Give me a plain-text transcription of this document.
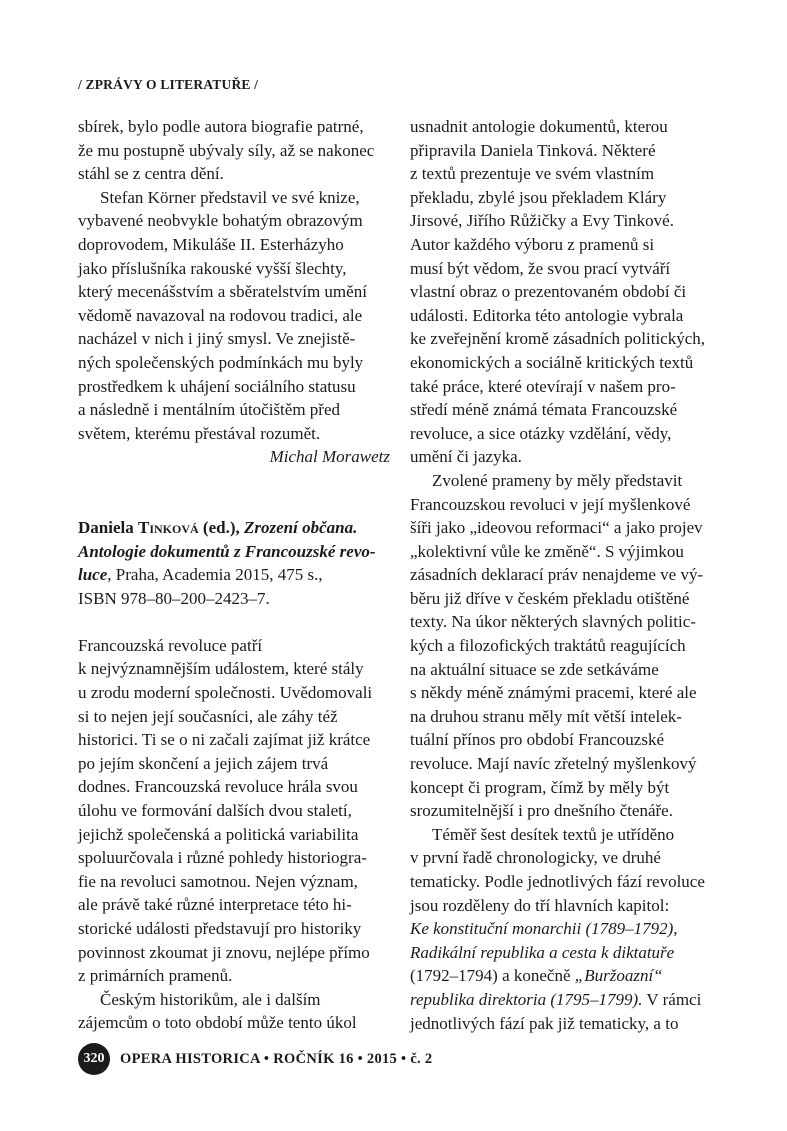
/ ZPRÁVY O LITERATUŘE /

sbírek, bylo podle autora biografie patrné,
že mu postupně ubývaly síly, až se nakonec
stáhl se z centra dění.

Stefan Körner představil ve své knize,
vybavené neobvykle bohatým obrazovým
doprovodem, Mikuláše II. Esterházyho
jako příslušníka rakouské vyšší šlechty,
který mecenášstvím a sběratelstvím umění
vědomě navazoval na rodovou tradici, ale
nacházel v nich i jiný smysl. Ve znejistě-
ných společenských podmínkách mu byly
prostředkem k uhájení sociálního statusu
a následně i mentálním útočištěm před
světem, kterému přestával rozumět.

Michal Morawetz

Daniela Tinková (ed.), Zrození občana.
Antologie dokumentů z Francouzské revo-
luce, Praha, Academia 2015, 475 s.,
ISBN 978–80–200–2423–7.

Francouzská revoluce patří
k nejvýznamnějším událostem, které stály
u zrodu moderní společnosti. Uvědomovali
si to nejen její současníci, ale záhy též
historici. Ti se o ni začali zajímat již krátce
po jejím skončení a jejich zájem trvá
dodnes. Francouzská revoluce hrála svou
úlohu ve formování dalších dvou staletí,
jejichž společenská a politická variabilita
spoluurčovala i různé pohledy historiogra-
fie na revoluci samotnou. Nejen význam,
ale právě také různé interpretace této hi-
storické události představují pro historiky
povinnost zkoumat ji znovu, nejlépe přímo
z primárních pramenů.

Českým historikům, ale i dalším
zájemcům o toto období může tento úkol

usnadnit antologie dokumentů, kterou
připravila Daniela Tinková. Některé
z textů prezentuje ve svém vlastním
překladu, zbylé jsou překladem Kláry
Jirsové, Jiřího Růžičky a Evy Tinkové.
Autor každého výboru z pramenů si
musí být vědom, že svou prací vytváří
vlastní obraz o prezentovaném období či
události. Editorka této antologie vybrala
ke zveřejnění kromě zásadních politických,
ekonomických a sociálně kritických textů
také práce, které otevírají v našem pro-
středí méně známá témata Francouzské
revoluce, a sice otázky vzdělání, vědy,
umění či jazyka.

Zvolené prameny by měly představit
Francouzskou revoluci v její myšlenkové
šíři jako „ideovou reformaci“ a jako projev
„kolektivní vůle ke změně“. S výjimkou
zásadních deklarací práv nenajdeme ve vý-
běru již dříve v českém překladu otištěné
texty. Na úkor některých slavných politic-
kých a filozofických traktátů reagujících
na aktuální situace se zde setkáváme
s někdy méně známými pracemi, které ale
na druhou stranu měly mít větší intelek-
tuální přínos pro období Francouzské
revoluce. Mají navíc zřetelný myšlenkový
koncept či program, čímž by měly být
srozumitelnější i pro dnešního čtenáře.

Téměř šest desítek textů je utříděno
v první řadě chronologicky, ve druhé
tematicky. Podle jednotlivých fází revoluce
jsou rozděleny do tří hlavních kapitol:
Ke konstituční monarchii (1789–1792),
Radikální republika a cesta k diktatuře
(1792–1794) a konečně „Buržoazní“
republika direktoria (1795–1799). V rámci
jednotlivých fází pak již tematicky, a to

320	OPERA HISTORICA • ROČNÍK 16 • 2015 • č. 2
